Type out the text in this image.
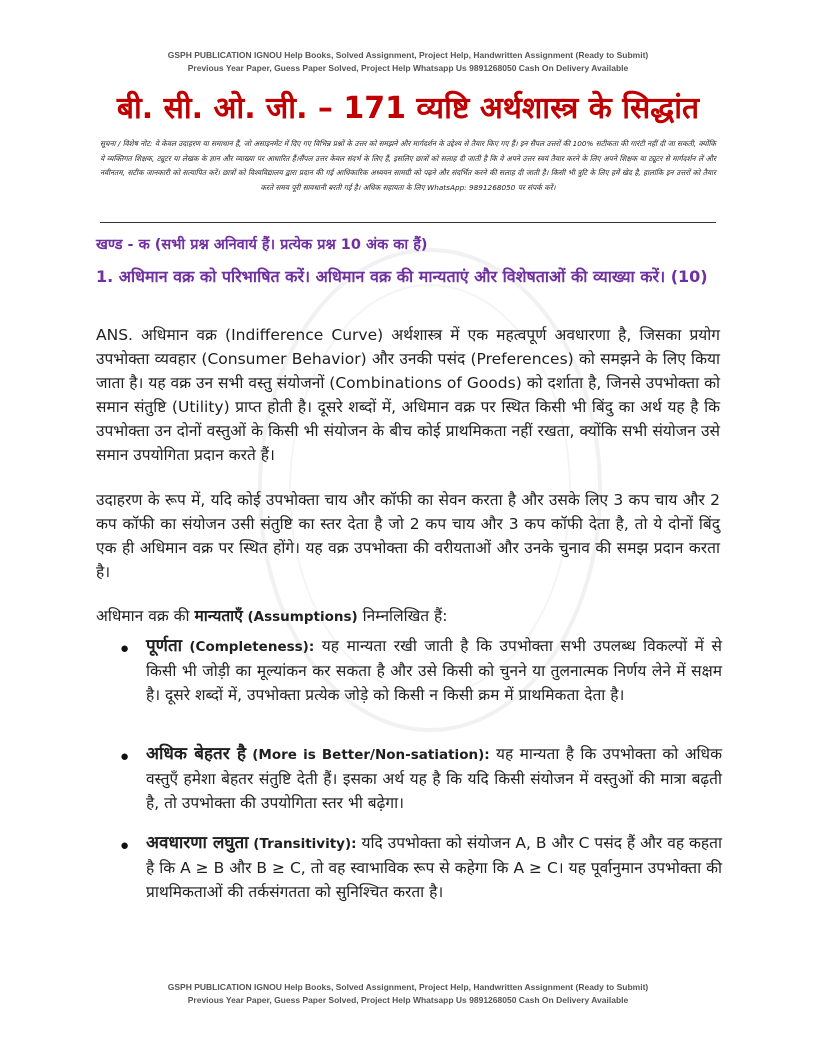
GSPH PUBLICATION IGNOU Help Books, Solved Assignment, Project Help, Handwritten Assignment (Ready to Submit)
Previous Year Paper, Guess Paper Solved, Project Help Whatsapp Us 9891268050 Cash On Delivery Available
बी. सी. ओ. जी. – 171 व्यष्टि अर्थशास्त्र के सिद्धांत
सूचना / विशेष नोट: ये केवल उदाहरण या समाधान हैं, जो असाइनमेंट में दिए गए विभिन्न प्रश्नों के उत्तर को समझने और मार्गदर्शन के उद्देश्य से तैयार किए गए हैं। इन सैंपल उत्तरों की 100% सटीकता की गारंटी नहीं दी जा सकती, क्योंकि ये व्यक्तिगत शिक्षक, ट्यूटर या लेखक के ज्ञान और व्याख्या पर आधारित हैं।सैंपल उत्तर केवल संदर्भ के लिए हैं, इसलिए छात्रों को सलाह दी जाती है कि वे अपने उत्तर स्वयं तैयार करने के लिए अपने शिक्षक या ट्यूटर से मार्गदर्शन लें और नवीनतम, सटीक जानकारी को सत्यापित करें। छात्रों को विश्वविद्यालय द्वारा प्रदान की गई आधिकारिक अध्ययन सामग्री को पढ़ने और संदर्भित करने की सलाह दी जाती है। किसी भी त्रुटि के लिए हमें खेद है, हालांकि इन उत्तरों को तैयार करते समय पूरी सावधानी बरती गई है। अधिक सहायता के लिए WhatsApp: 9891268050 पर संपर्क करें।
खण्ड - क (सभी प्रश्न अनिवार्य हैं। प्रत्येक प्रश्न 10 अंक का हैं)
1. अधिमान वक्र को परिभाषित करें। अधिमान वक्र की मान्यताएं और विशेषताओं की व्याख्या करें। (10)
ANS. अधिमान वक्र (Indifference Curve) अर्थशास्त्र में एक महत्वपूर्ण अवधारणा है, जिसका प्रयोग उपभोक्ता व्यवहार (Consumer Behavior) और उनकी पसंद (Preferences) को समझने के लिए किया जाता है। यह वक्र उन सभी वस्तु संयोजनों (Combinations of Goods) को दर्शाता है, जिनसे उपभोक्ता को समान संतुष्टि (Utility) प्राप्त होती है। दूसरे शब्दों में, अधिमान वक्र पर स्थित किसी भी बिंदु का अर्थ यह है कि उपभोक्ता उन दोनों वस्तुओं के किसी भी संयोजन के बीच कोई प्राथमिकता नहीं रखता, क्योंकि सभी संयोजन उसे समान उपयोगिता प्रदान करते हैं।
उदाहरण के रूप में, यदि कोई उपभोक्ता चाय और कॉफी का सेवन करता है और उसके लिए 3 कप चाय और 2 कप कॉफी का संयोजन उसी संतुष्टि का स्तर देता है जो 2 कप चाय और 3 कप कॉफी देता है, तो ये दोनों बिंदु एक ही अधिमान वक्र पर स्थित होंगे। यह वक्र उपभोक्ता की वरीयताओं और उनके चुनाव की समझ प्रदान करता है।
अधिमान वक्र की मान्यताएँ (Assumptions) निम्नलिखित हैं:
● पूर्णता (Completeness): यह मान्यता रखी जाती है कि उपभोक्ता सभी उपलब्ध विकल्पों में से किसी भी जोड़ी का मूल्यांकन कर सकता है और उसे किसी को चुनने या तुलनात्मक निर्णय लेने में सक्षम है। दूसरे शब्दों में, उपभोक्ता प्रत्येक जोड़े को किसी न किसी क्रम में प्राथमिकता देता है।
● अधिक बेहतर है (More is Better/Non-satiation): यह मान्यता है कि उपभोक्ता को अधिक वस्तुएँ हमेशा बेहतर संतुष्टि देती हैं। इसका अर्थ यह है कि यदि किसी संयोजन में वस्तुओं की मात्रा बढ़ती है, तो उपभोक्ता की उपयोगिता स्तर भी बढ़ेगा।
● अवधारणा लघुता (Transitivity): यदि उपभोक्ता को संयोजन A, B और C पसंद हैं और वह कहता है कि A ≥ B और B ≥ C, तो वह स्वाभाविक रूप से कहेगा कि A ≥ C। यह पूर्वानुमान उपभोक्ता की प्राथमिकताओं की तर्कसंगतता को सुनिश्चित करता है।
GSPH PUBLICATION IGNOU Help Books, Solved Assignment, Project Help, Handwritten Assignment (Ready to Submit)
Previous Year Paper, Guess Paper Solved, Project Help Whatsapp Us 9891268050 Cash On Delivery Available
